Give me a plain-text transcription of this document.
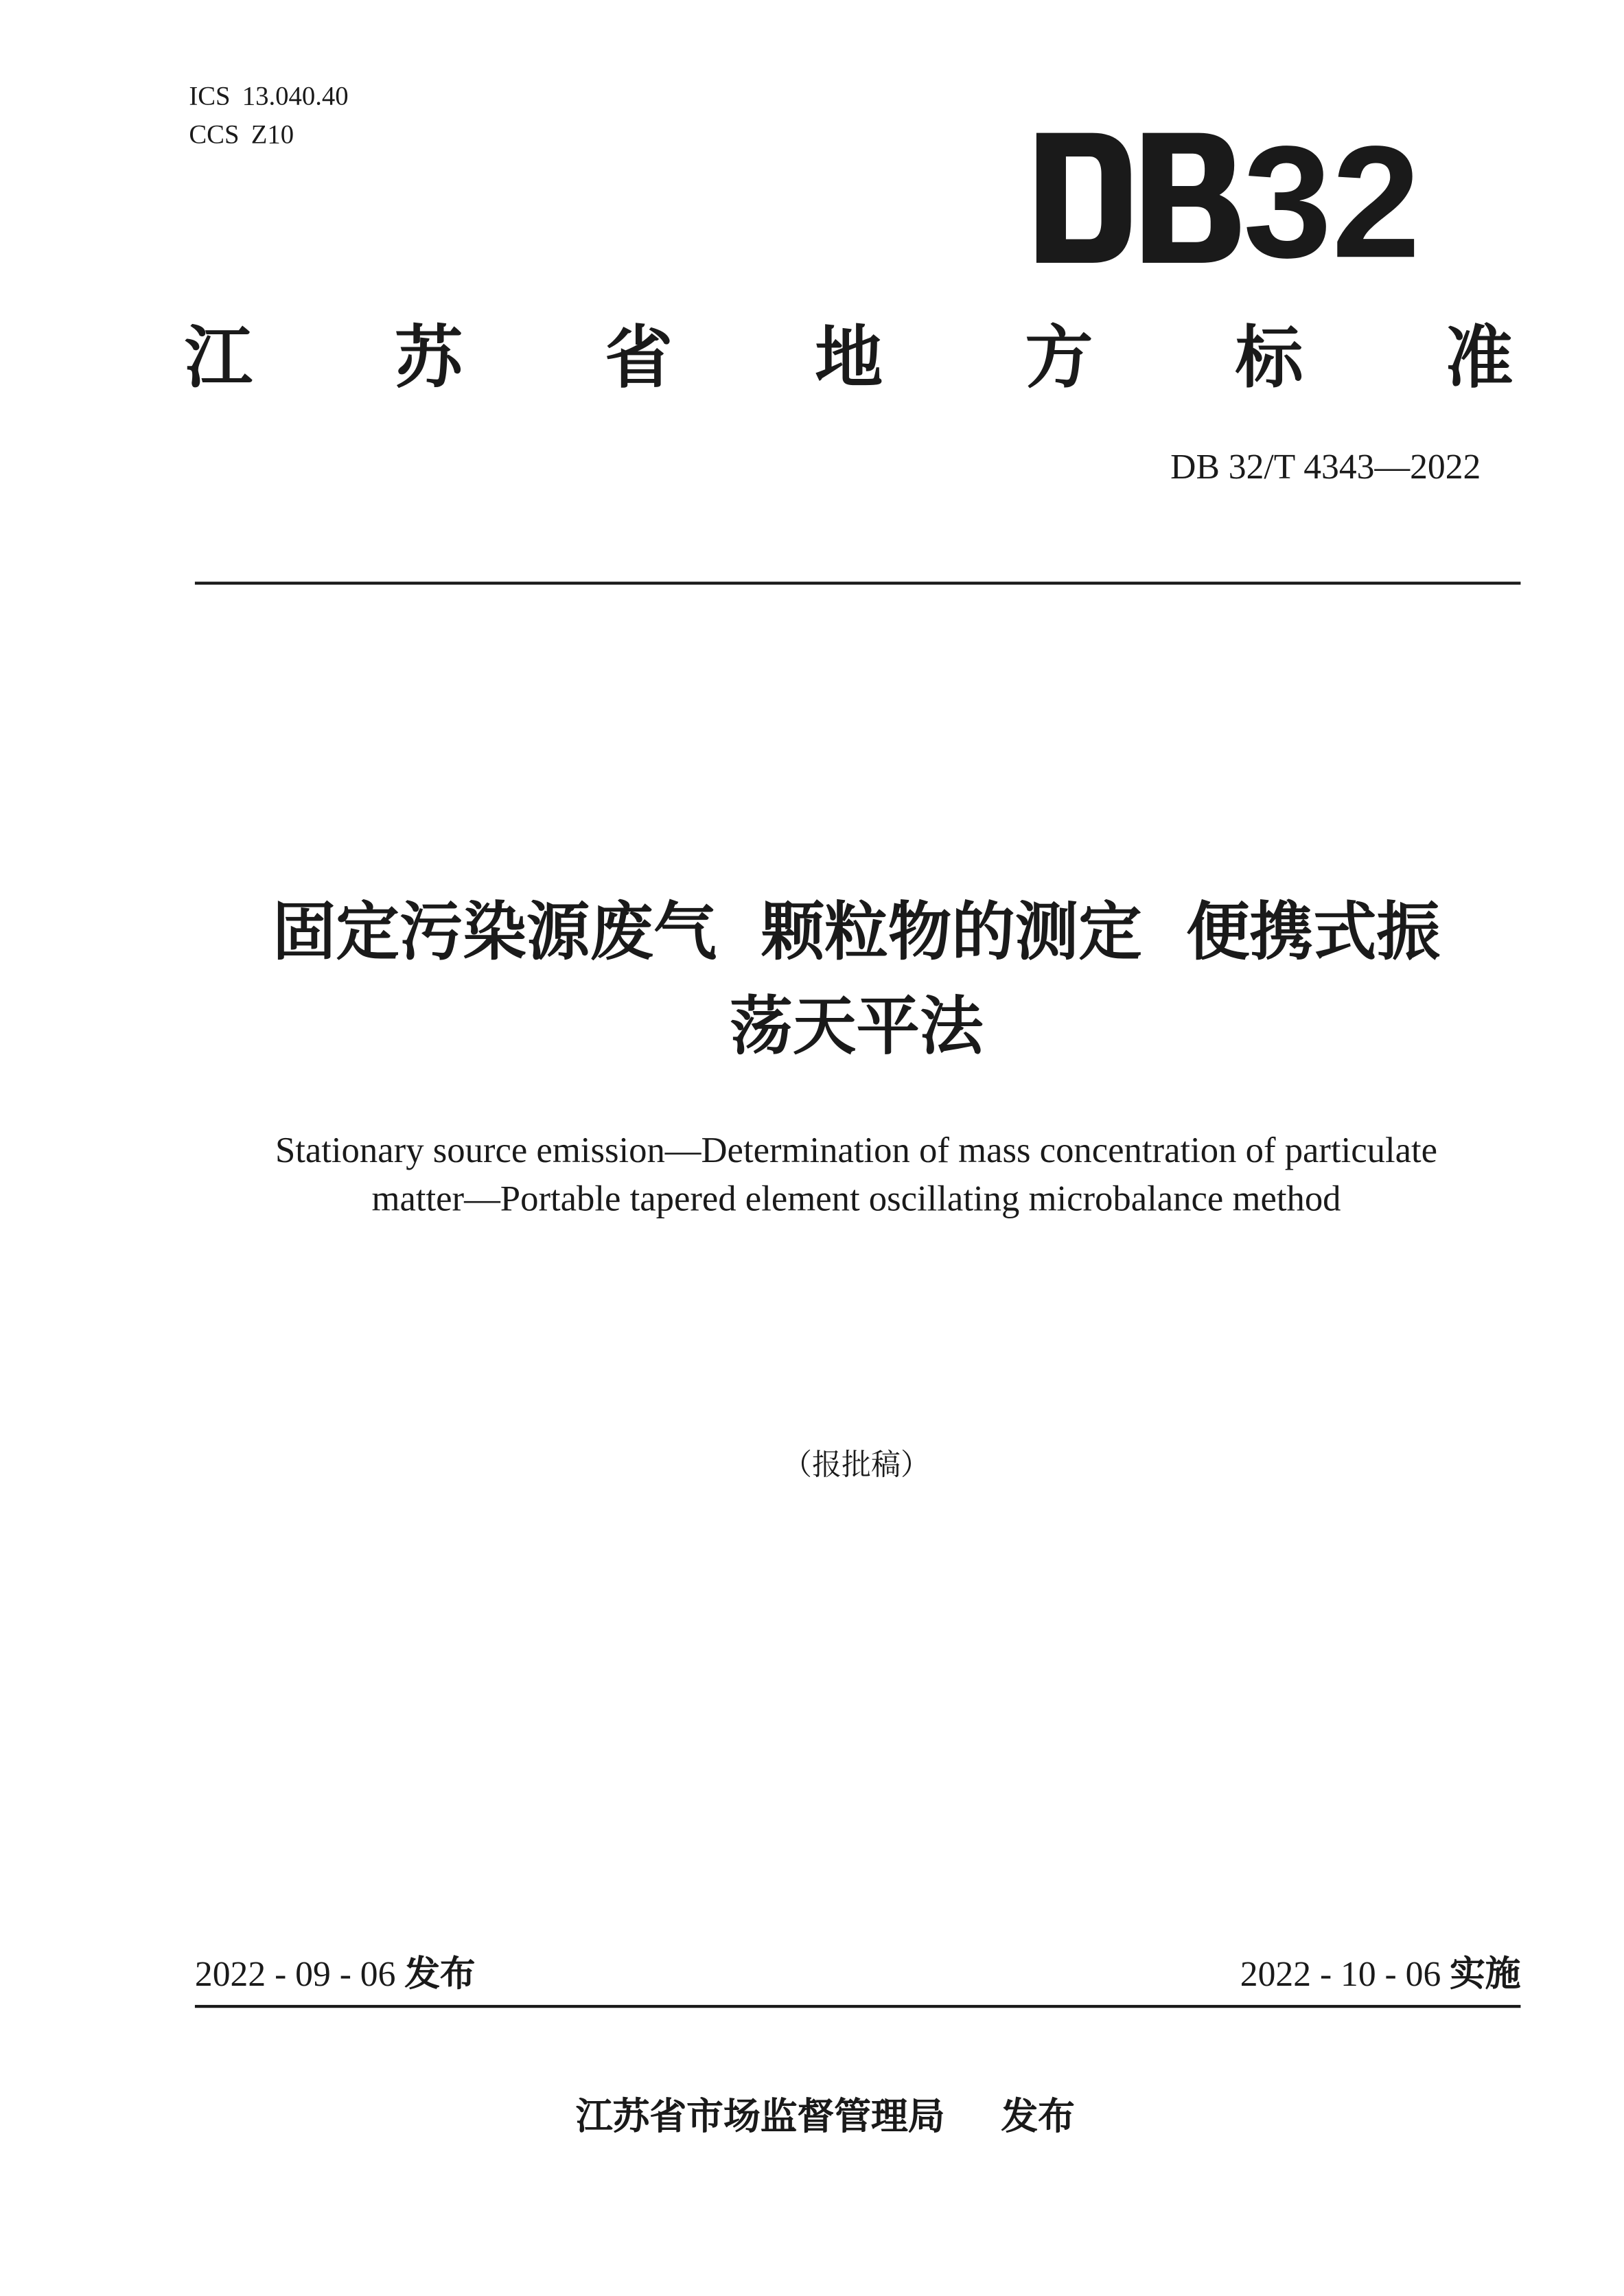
ICS 13.040.40
CCS Z10	32
江	苏	省	地	方	标	准
DB 32/T 4343—2022
固定污染源废气  颗粒物的测定  便携式振
荡天平法
Stationary source emission—Determination of mass concentration of particulate
matter—Portable tapered element oscillating microbalance method
（报批稿）
2022 - 09 - 06 发布	2022 - 10 - 06 实施
江苏省市场监督管理局	发布
